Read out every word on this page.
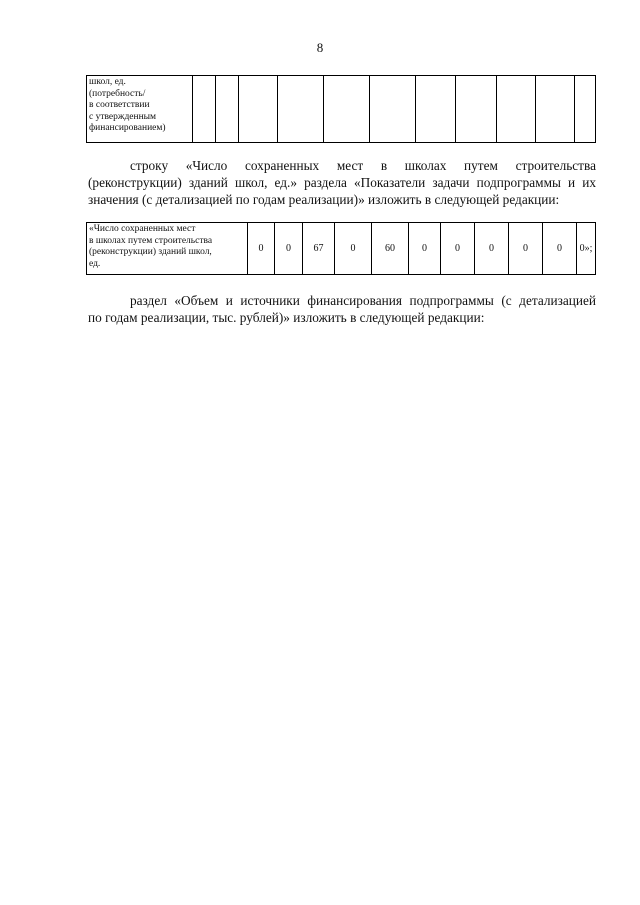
8
школ, ед.
(потребность/
в соответствии
с утвержденным
финансированием)

строку «Число сохраненных мест в школах путем строительства

(реконструкции) зданий школ, ед.» раздела «Показатели задачи подпрограммы и их

значения (с детализацией по годам реализации)» изложить в следующей редакции:

«Число сохраненных мест
в школах путем строительства
(реконструкции) зданий школ,
ед.
	0	0	67	0	60	0	0	0	0	0	0»;

раздел «Объем и источники финансирования подпрограммы (с детализацией

по годам реализации, тыс. рублей)» изложить в следующей редакции:
